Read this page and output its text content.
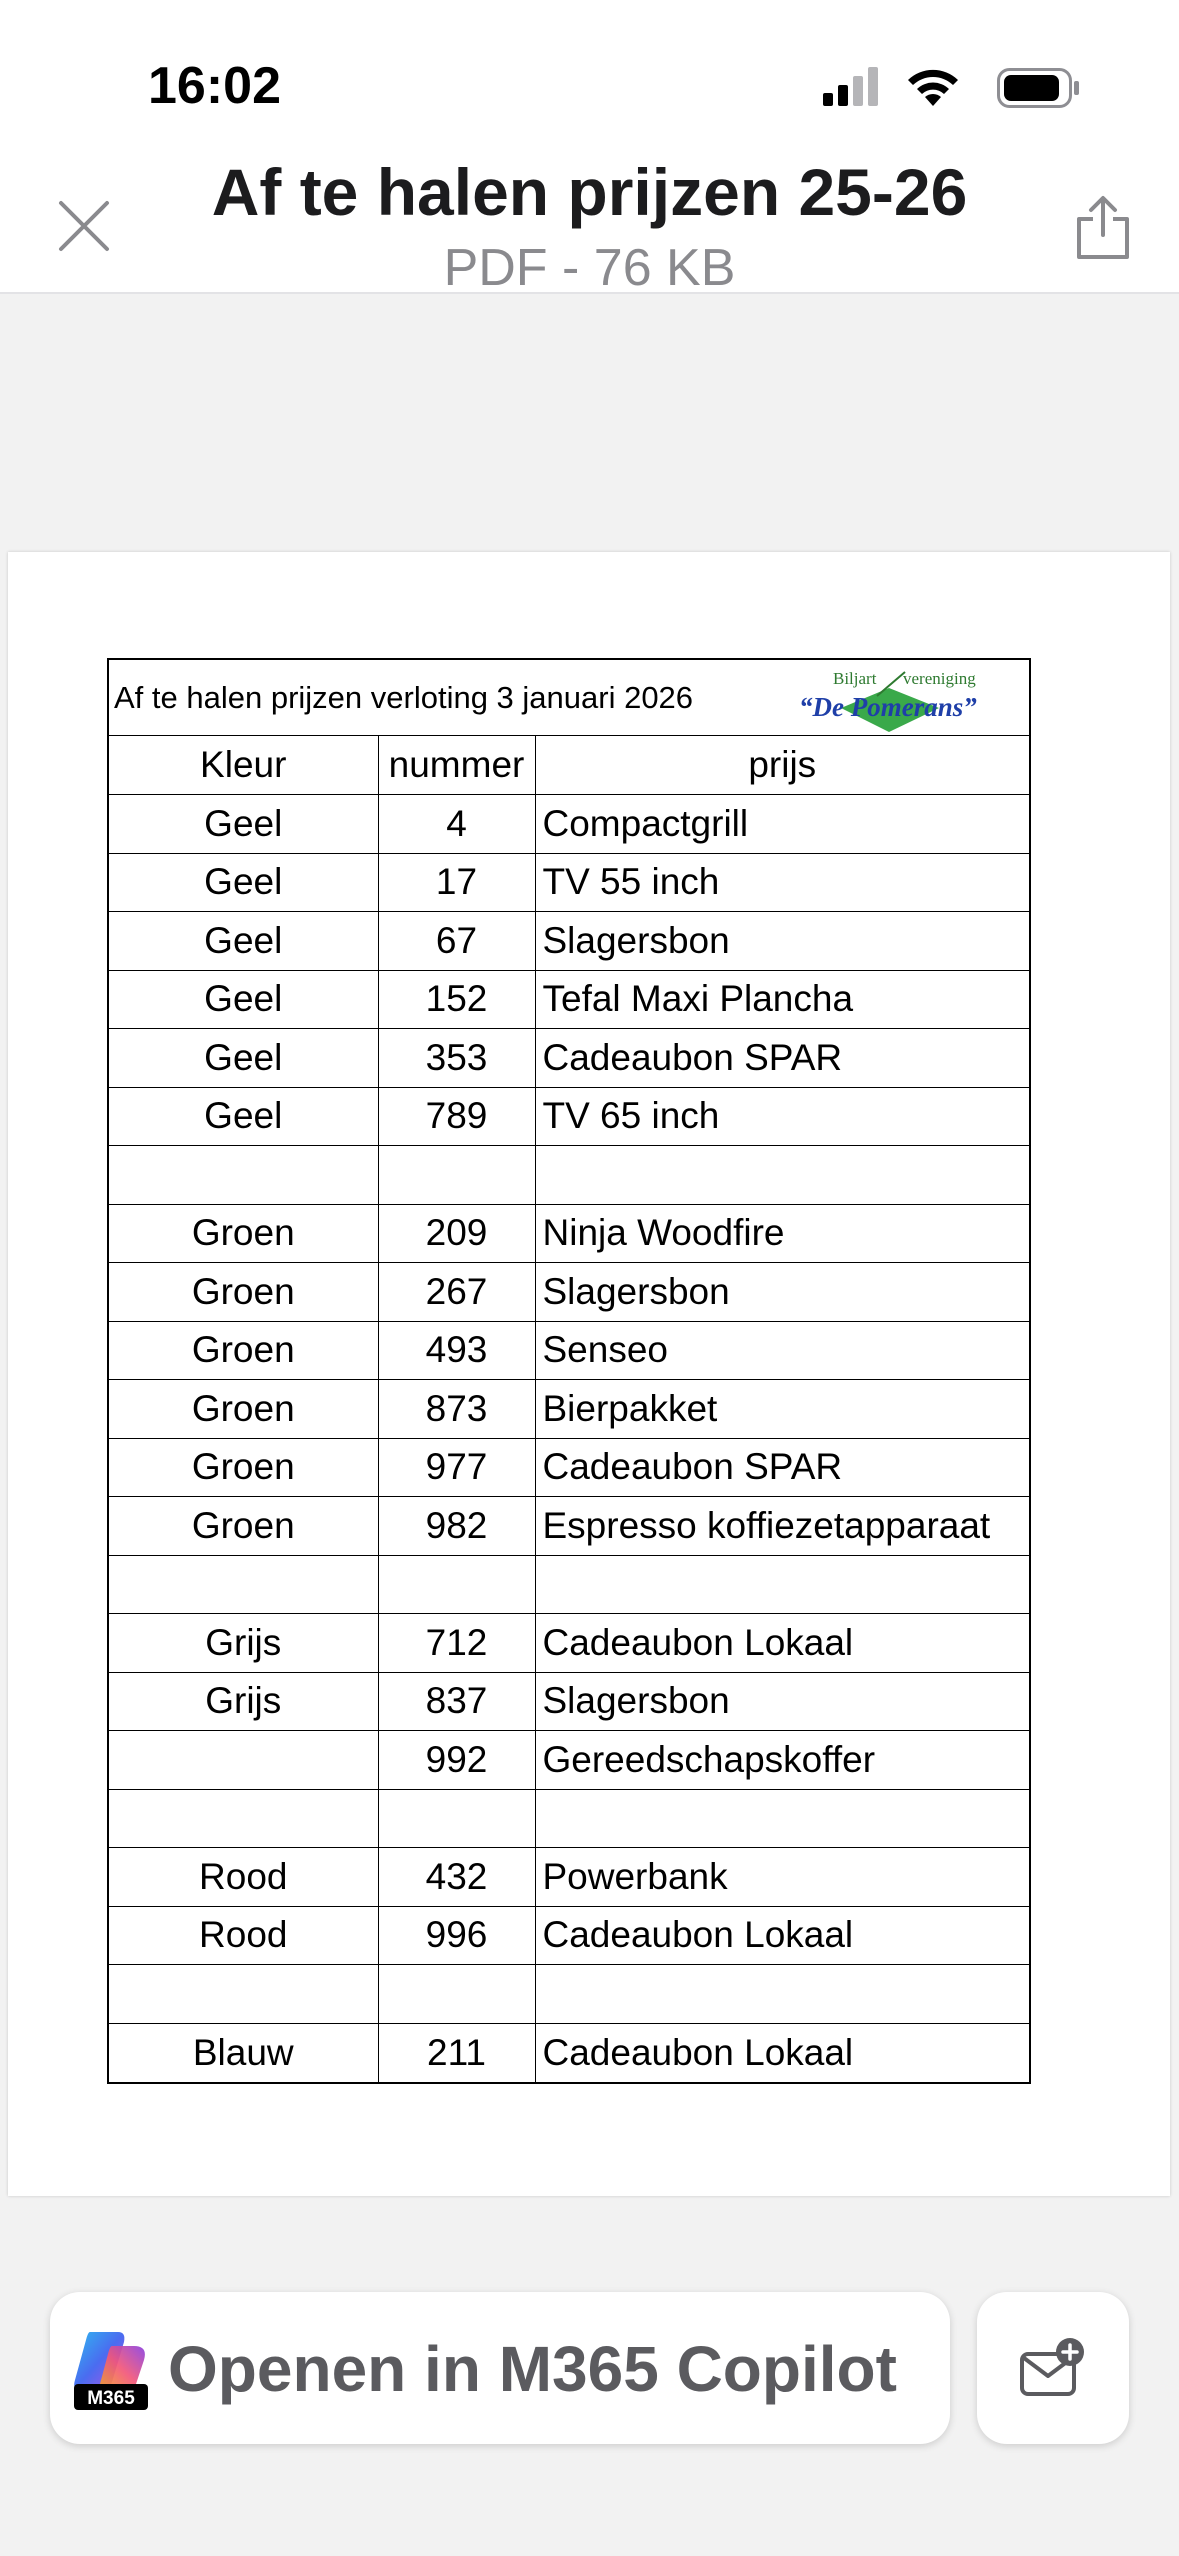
16:02
Af te halen prijzen 25-26
PDF - 76 KB
Af te halen prijzen verloting 3 januari 2026
Biljart vereniging
“De Pomerans”
Kleur	nummer	prijs
Geel	4	Compactgrill
Geel	17	TV 55 inch
Geel	67	Slagersbon
Geel	152	Tefal Maxi Plancha
Geel	353	Cadeaubon SPAR
Geel	789	TV 65 inch

Groen	209	Ninja Woodfire
Groen	267	Slagersbon
Groen	493	Senseo
Groen	873	Bierpakket
Groen	977	Cadeaubon SPAR
Groen	982	Espresso koffiezetapparaat

Grijs	712	Cadeaubon Lokaal
Grijs	837	Slagersbon
	992	Gereedschapskoffer

Rood	432	Powerbank
Rood	996	Cadeaubon Lokaal

Blauw	211	Cadeaubon Lokaal
M365 Openen in M365 Copilot
